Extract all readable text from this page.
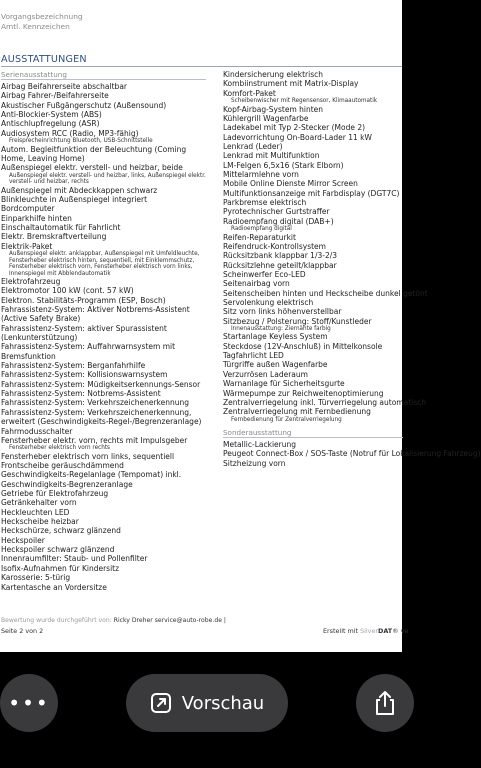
Vorgangsbezeichnung
Amtl. Kennzeichen
AUSSTATTUNGEN
Serienausstattung
Airbag Beifahrerseite abschaltbar
Airbag Fahrer-/Beifahrerseite
Akustischer Fußgängerschutz (Außensound)
Anti-Blockier-System (ABS)
Antischlupfregelung (ASR)
Audiosystem RCC (Radio, MP3-fähig)
Freisprecheinrichtung Bluetooth, USB-Schnittstelle
Autom. Begleitfunktion der Beleuchtung (Coming Home, Leaving Home)
Außenspiegel elektr. verstell- und heizbar, beide
Außenspiegel elektr. verstell- und heizbar, links, Außenspiegel elektr. verstell- und heizbar, rechts
Außenspiegel mit Abdeckkappen schwarz
Blinkleuchte in Außenspiegel integriert
Bordcomputer
Einparkhilfe hinten
Einschaltautomatik für Fahrlicht
Elektr. Bremskraftverteilung
Elektrik-Paket
Außenspiegel elektr. anklappbar, Außenspiegel mit Umfeldleuchte, Fensterheber elektrisch hinten, sequentiell, mit Einklemmschutz, Fensterheber elektrisch vorn, Fensterheber elektrisch vorn links, Innenspiegel mit Abblendautomatik
Elektrofahrzeug
Elektromotor 100 kW (cont. 57 kW)
Elektron. Stabilitäts-Programm (ESP, Bosch)
Fahrassistenz-System: Aktiver Notbrems-Assistent (Active Safety Brake)
Fahrassistenz-System: aktiver Spurassistent (Lenkunterstützung)
Fahrassistenz-System: Auffahrwarnsystem mit Bremsfunktion
Fahrassistenz-System: Berganfahrhilfe
Fahrassistenz-System: Kollisionswarnsystem
Fahrassistenz-System: Müdigkeitserkennungs-Sensor
Fahrassistenz-System: Notbrems-Assistent
Fahrassistenz-System: Verkehrszeichenerkennung
Fahrassistenz-System: Verkehrszeichenerkennung, erweitert (Geschwindigkeits-Regel-/Begrenzeranlage)
Fahrmodusschalter
Fensterheber elektr. vorn, rechts mit Impulsgeber
Fensterheber elektrisch vorn rechts
Fensterheber elektrisch vorn links, sequentiell
Frontscheibe geräuschdämmend
Geschwindigkeits-Regelanlage (Tempomat) inkl. Geschwindigkeits-Begrenzeranlage
Getriebe für Elektrofahrzeug
Getränkehalter vorn
Heckleuchten LED
Heckscheibe heizbar
Heckschürze, schwarz glänzend
Heckspoiler
Heckspoiler schwarz glänzend
Innenraumfilter: Staub- und Pollenfilter
Isofix-Aufnahmen für Kindersitz
Karosserie: 5-türig
Kartentasche an Vordersitze
Kindersicherung elektrisch
Kombiinstrument mit Matrix-Display
Komfort-Paket
Scheibenwischer mit Regensensor, Klimaautomatik
Kopf-Airbag-System hinten
Kühlergrill Wagenfarbe
Ladekabel mit Typ 2-Stecker (Mode 2)
Ladevorrichtung On-Board-Lader 11 kW
Lenkrad (Leder)
Lenkrad mit Multifunktion
LM-Felgen 6,5x16 (Stark Elborn)
Mittelarmlehne vorn
Mobile Online Dienste Mirror Screen
Multifunktionsanzeige mit Farbdisplay (DGT7C)
Parkbremse elektrisch
Pyrotechnischer Gurtstraffer
Radioempfang digital (DAB+)
Radioempfang digital
Reifen-Reparaturkit
Reifendruck-Kontrollsystem
Rücksitzbank klappbar 1/3-2/3
Rücksitzlehne geteilt/klappbar
Scheinwerfer Eco-LED
Seitenairbag vorn
Seitenscheiben hinten und Heckscheibe dunkel getönt
Servolenkung elektrisch
Sitz vorn links höhenverstellbar
Sitzbezug / Polsterung: Stoff/Kunstleder
Innenausstattung: Ziernähte farbig
Startanlage Keyless System
Steckdose (12V-Anschluß) in Mittelkonsole
Tagfahrlicht LED
Türgriffe außen Wagenfarbe
Verzurrösen Laderaum
Warnanlage für Sicherheitsgurte
Wärmepumpe zur Reichweitenoptimierung
Zentralverriegelung inkl. Türverriegelung automatisch
Zentralverriegelung mit Fernbedienung
Fernbedienung für Zentralverriegelung
Sonderausstattung
Metallic-Lackierung
Peugeot Connect-Box / SOS-Taste (Notruf für Lokalisierung Fahrzeug)
Sitzheizung vorn
Bewertung wurde durchgeführt von: Ricky Dreher service@auto-robe.de |
Seite 2 von 2	Erstellt mit SilverDAT® ve
•••	Vorschau
